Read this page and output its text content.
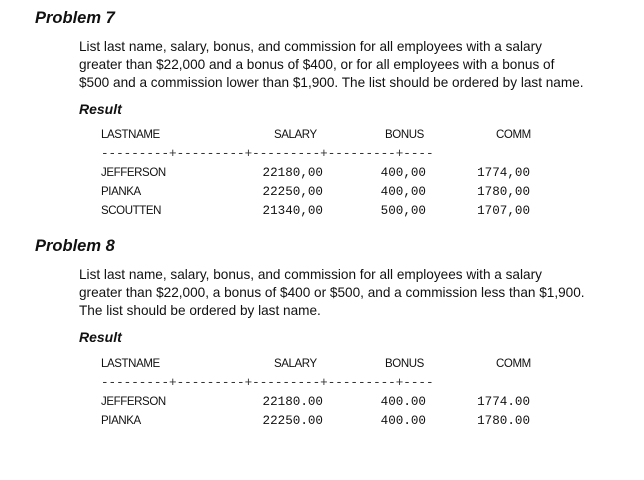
Problem 7

List last name, salary, bonus, and commission for all employees with a salary
greater than $22,000 and a bonus of $400, or for all employees with a bonus of
$500 and a commission lower than $1,900. The list should be ordered by last name.

Result
LASTNAME	SALARY	BONUS	COMM
---------+---------+---------+---------+----
JEFFERSON	22180,00	400,00	1774,00
PIANKA	22250,00	400,00	1780,00
SCOUTTEN	21340,00	500,00	1707,00
Problem 8

List last name, salary, bonus, and commission for all employees with a salary
greater than $22,000, a bonus of $400 or $500, and a commission less than $1,900.
The list should be ordered by last name.

Result
LASTNAME	SALARY	BONUS	COMM
---------+---------+---------+---------+----
JEFFERSON	22180.00	400.00	1774.00
PIANKA	22250.00	400.00	1780.00
